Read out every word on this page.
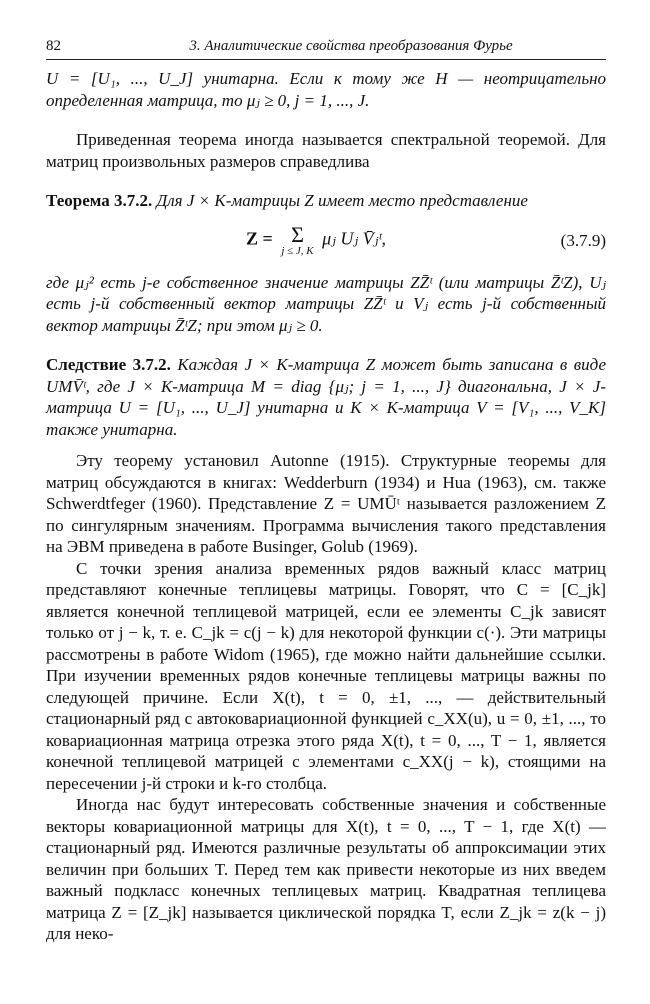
82	3. Аналитические свойства преобразования Фурье

U = [U₁, ..., U_J] унитарна. Если к тому же H — неотрицательно определенная матрица, то μⱼ ≥ 0, j = 1, ..., J.

Приведенная теорема иногда называется спектральной теоремой. Для матриц произвольных размеров справедлива

Теорема 3.7.2. Для J × K-матрицы Z имеет место представление

Z = Σ
j ≤ J, K
μⱼ Uⱼ V̄ⱼᵗ,	(3.7.9)

где μⱼ² есть j-е собственное значение матрицы ZZ̄ᵗ (или матрицы Z̄ᵗZ), Uⱼ есть j-й собственный вектор матрицы ZZ̄ᵗ и Vⱼ есть j-й собственный вектор матрицы Z̄ᵗZ; при этом μⱼ ≥ 0.

Следствие 3.7.2. Каждая J × K-матрица Z может быть записана в виде UMV̄ᵗ, где J × K-матрица M = diag {μⱼ; j = 1, ..., J} диагональна, J × J-матрица U = [U₁, ..., U_J] унитарна и K × K-матрица V = [V₁, ..., V_K] также унитарна.

Эту теорему установил Autonne (1915). Структурные теоремы для матриц обсуждаются в книгах: Wedderburn (1934) и Hua (1963), см. также Schwerdtfeger (1960). Представление Z = UMŪᵗ называется разложением Z по сингулярным значениям. Программа вычисления такого представления на ЭВМ приведена в работе Businger, Golub (1969).

С точки зрения анализа временных рядов важный класс матриц представляют конечные теплицевы матрицы. Говорят, что C = [C_jk] является конечной теплицевой матрицей, если ее элементы C_jk зависят только от j − k, т. е. C_jk = c(j − k) для некоторой функции c(·). Эти матрицы рассмотрены в работе Widom (1965), где можно найти дальнейшие ссылки. При изучении временных рядов конечные теплицевы матрицы важны по следующей причине. Если X(t), t = 0, ±1, ..., — действительный стационарный ряд с автоковариационной функцией c_XX(u), u = 0, ±1, ..., то ковариационная матрица отрезка этого ряда X(t), t = 0, ..., T − 1, является конечной теплицевой матрицей с элементами c_XX(j − k), стоящими на пересечении j-й строки и k-го столбца.

Иногда нас будут интересовать собственные значения и собственные векторы ковариационной матрицы для X(t), t = 0, ..., T − 1, где X(t) — стационарный ряд. Имеются различные результаты об аппроксимации этих величин при больших T. Перед тем как привести некоторые из них введем важный подкласс конечных теплицевых матриц. Квадратная теплицева матрица Z = [Z_jk] называется циклической порядка T, если Z_jk = z(k − j) для неко-
